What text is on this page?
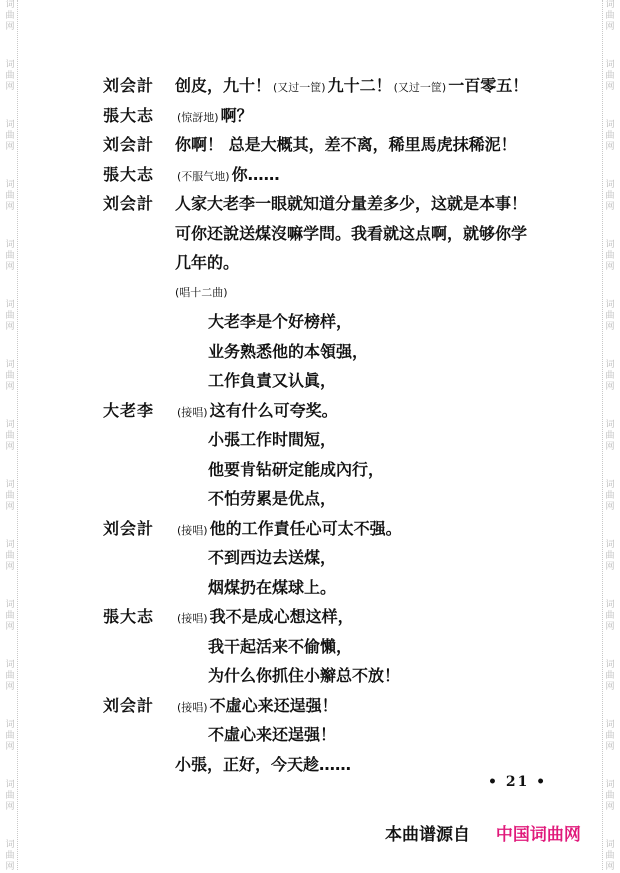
词
曲
网
词
曲
网
词
曲
网
词
曲
网
词
曲
网
词
曲
网
词
曲
网
词
曲
网
词
曲
网
词
曲
网
词
曲
网
词
曲
网
词
曲
网
词
曲
网
词
曲
网
词
曲
网
词
曲
网
词
曲
网
词
曲
网
词
曲
网
词
曲
网
词
曲
网
词
曲
网
词
曲
网
词
曲
网
词
曲
网
词
曲
网
词
曲
网
词
曲
网
词
曲
网
刘会計 创皮，九十！ (又过一筐) 九十二！ (又过一筐) 一百零五！
張大志 (惊訝地) 啊？
刘会計 你啊！ 总是大概其，差不离，稀里馬虎抹稀泥！
張大志 (不服气地) 你……
刘会計 人家大老李一眼就知道分量差多少，这就是本事！
可你还說送煤沒嘛学問。我看就这点啊，就够你学
几年的。
(唱十二曲)
大老李是个好榜样，
业务熟悉他的本領强，
工作負責又认眞，
大老李 (接唱) 这有什么可夸奖。
小張工作时間短，
他要肯钻研定能成內行，
不怕劳累是优点，
刘会計 (接唱) 他的工作責任心可太不强。
不到西边去送煤，
烟煤扔在煤球上。
張大志 (接唱) 我不是成心想这样，
我干起活来不偷懶，
为什么你抓住小辮总不放！
刘会計 (接唱) 不虛心来还逞强！
不虛心来还逞强！
小張，正好，今天趁……
• 21 •
本曲谱源自 中国词曲网
